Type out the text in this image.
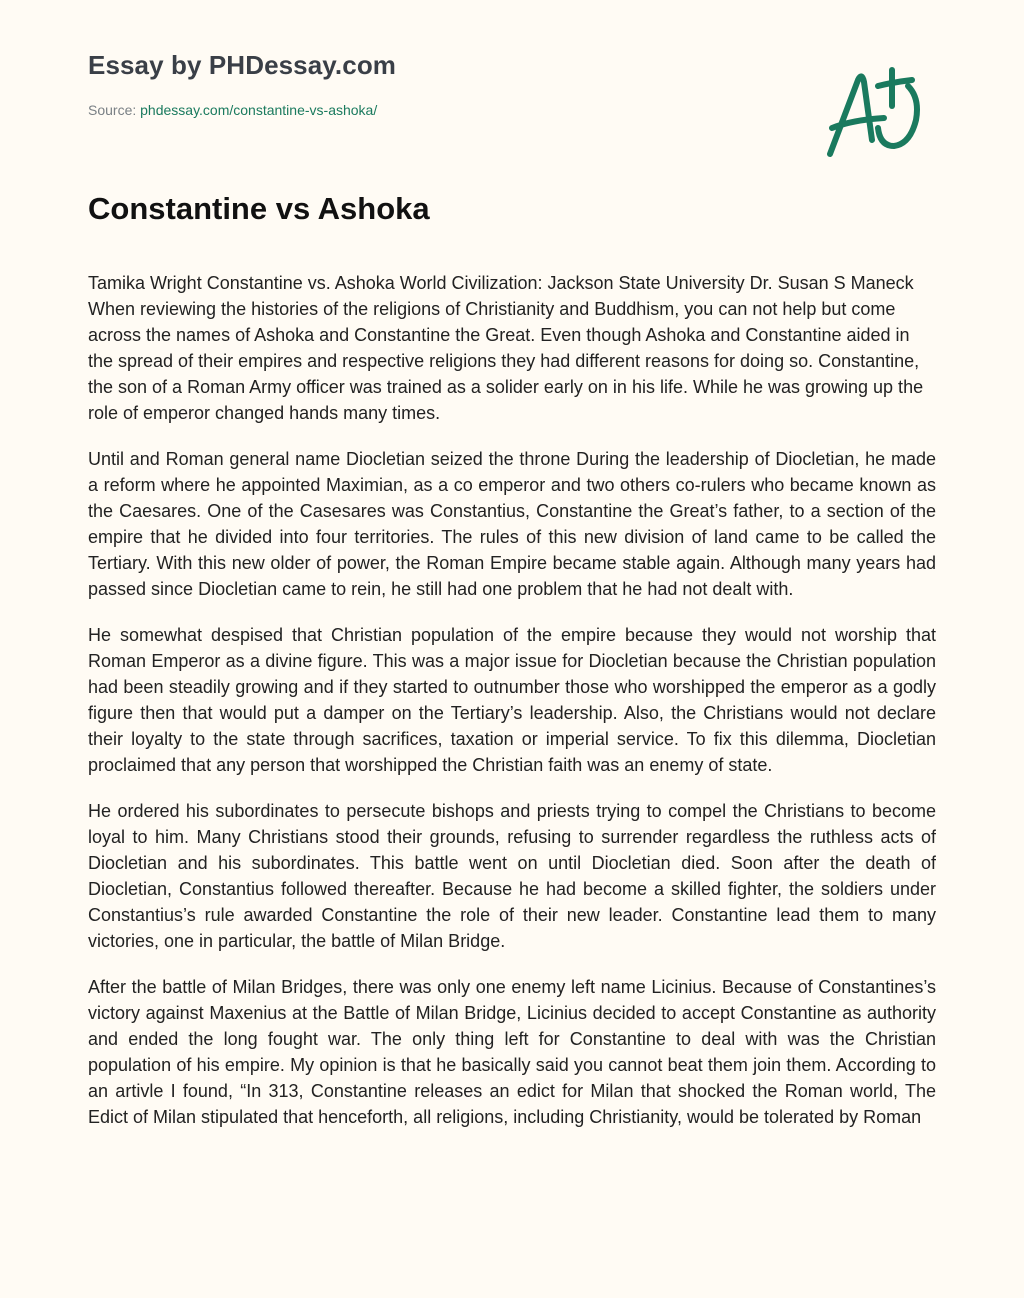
Essay by PHDessay.com
Source: phdessay.com/constantine-vs-ashoka/
Constantine vs Ashoka

Tamika Wright Constantine vs. Ashoka World Civilization: Jackson State University Dr. Susan S Maneck When reviewing the histories of the religions of Christianity and Buddhism, you can not help but come across the names of Ashoka and Constantine the Great. Even though Ashoka and Constantine aided in the spread of their empires and respective religions they had different reasons for doing so. Constantine, the son of a Roman Army officer was trained as a solider early on in his life. While he was growing up the role of emperor changed hands many times.

Until and Roman general name Diocletian seized the throne During the leadership of Diocletian, he made a reform where he appointed Maximian, as a co emperor and two others co-rulers who became known as the Caesares. One of the Casesares was Constantius, Constantine the Great’s father, to a section of the empire that he divided into four territories. The rules of this new division of land came to be called the Tertiary. With this new older of power, the Roman Empire became stable again. Although many years had passed since Diocletian came to rein, he still had one problem that he had not dealt with.

He somewhat despised that Christian population of the empire because they would not worship that Roman Emperor as a divine figure. This was a major issue for Diocletian because the Christian population had been steadily growing and if they started to outnumber those who worshipped the emperor as a godly figure then that would put a damper on the Tertiary’s leadership. Also, the Christians would not declare their loyalty to the state through sacrifices, taxation or imperial service. To fix this dilemma, Diocletian proclaimed that any person that worshipped the Christian faith was an enemy of state.

He ordered his subordinates to persecute bishops and priests trying to compel the Christians to become loyal to him. Many Christians stood their grounds, refusing to surrender regardless the ruthless acts of Diocletian and his subordinates. This battle went on until Diocletian died. Soon after the death of Diocletian, Constantius followed thereafter. Because he had become a skilled fighter, the soldiers under Constantius’s rule awarded Constantine the role of their new leader. Constantine lead them to many victories, one in particular, the battle of Milan Bridge.

After the battle of Milan Bridges, there was only one enemy left name Licinius. Because of Constantines’s victory against Maxenius at the Battle of Milan Bridge, Licinius decided to accept Constantine as authority and ended the long fought war. The only thing left for Constantine to deal with was the Christian population of his empire. My opinion is that he basically said you cannot beat them join them. According to an artivle I found, “In 313, Constantine releases an edict for Milan that shocked the Roman world, The Edict of Milan stipulated that henceforth, all religions, including Christianity, would be tolerated by Roman
